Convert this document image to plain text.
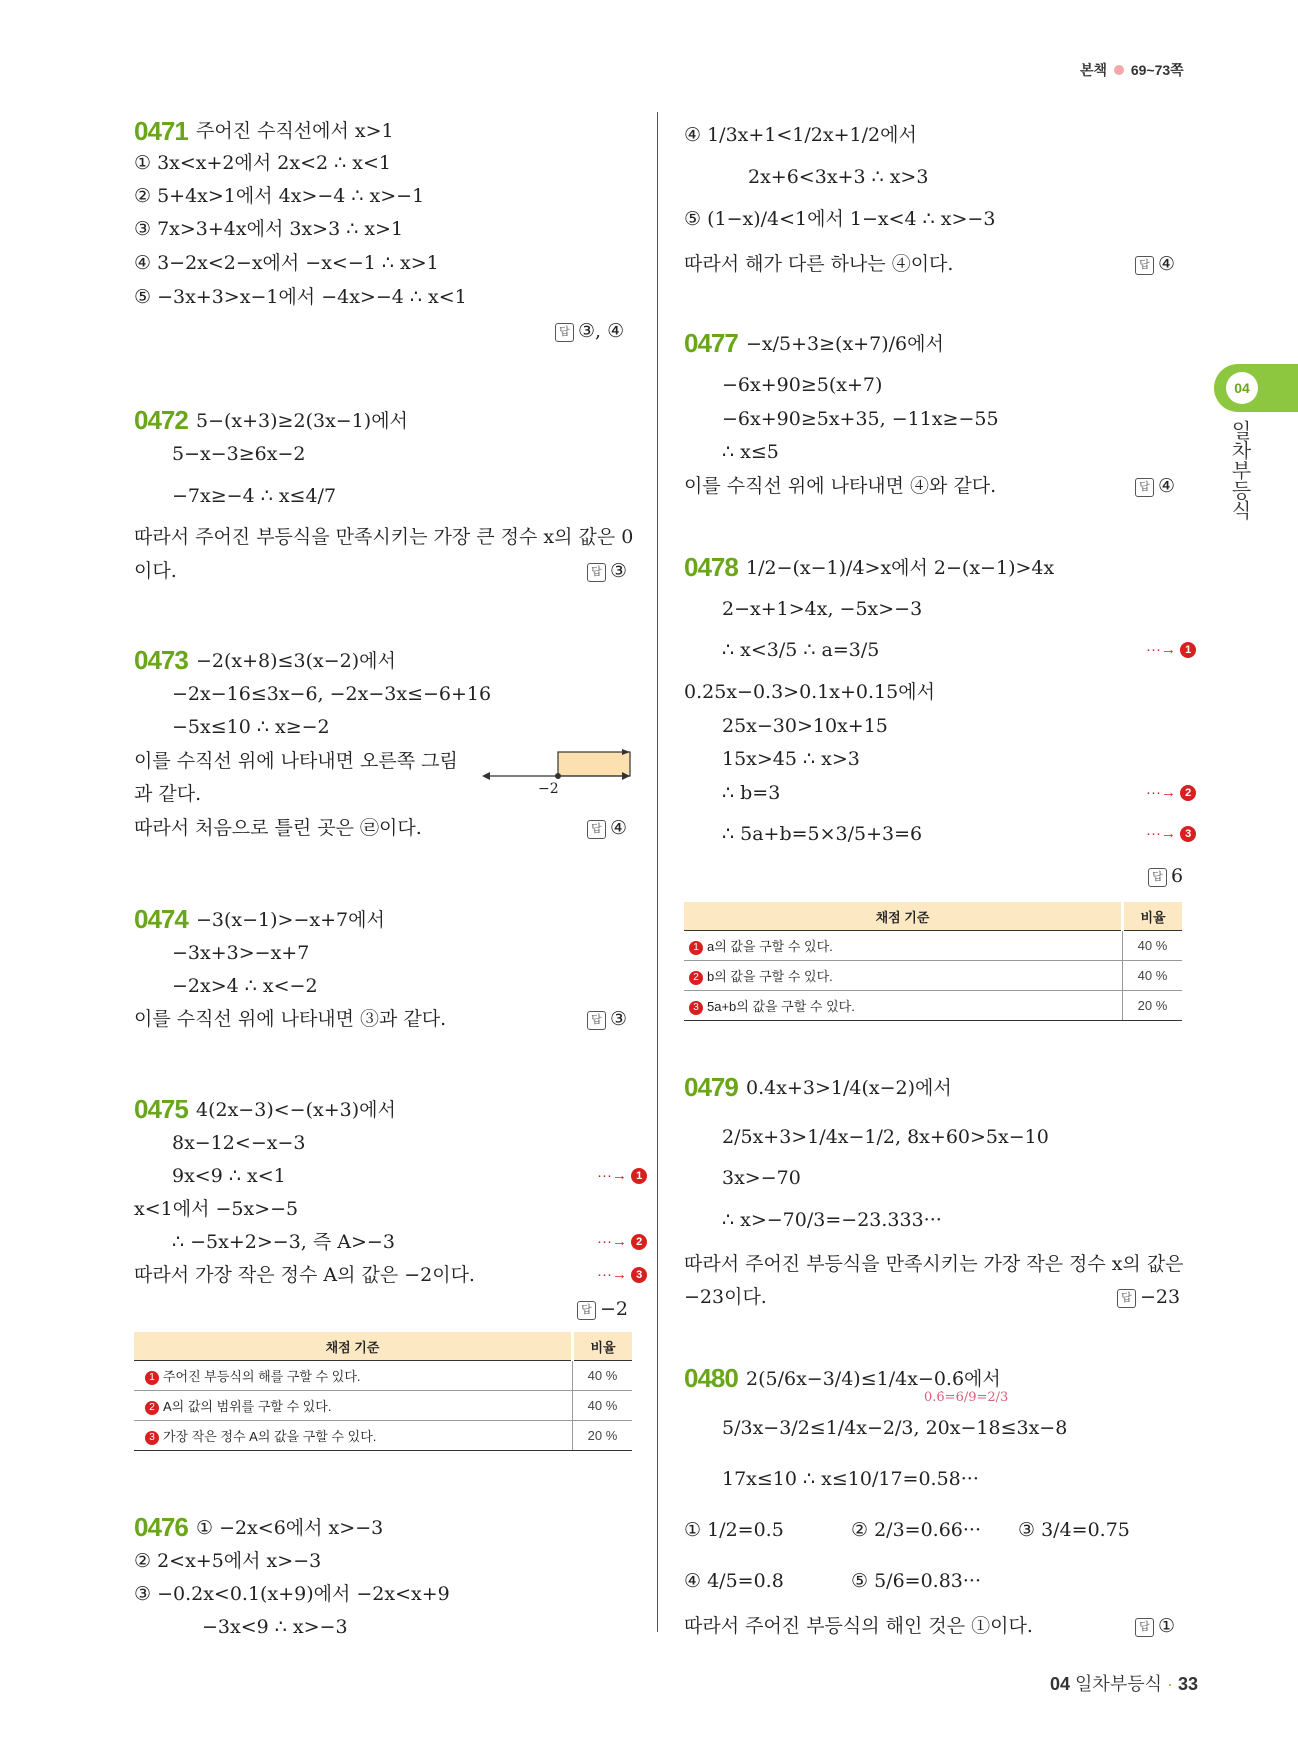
본책 69~73쪽
04
일차부등식
0471 주어진 수직선에서 x>1
① 3x<x+2에서 2x<2 ∴ x<1
② 5+4x>1에서 4x>−4 ∴ x>−1
③ 7x>3+4x에서 3x>3 ∴ x>1
④ 3−2x<2−x에서 −x<−1 ∴ x>1
⑤ −3x+3>x−1에서 −4x>−4 ∴ x<1
답 ③, ④
0472 5−(x+3)≥2(3x−1)에서
5−x−3≥6x−2
−7x≥−4 ∴ x≤4/7
따라서 주어진 부등식을 만족시키는 가장 큰 정수 x의 값은 0
이다.	답 ③
0473 −2(x+8)≤3(x−2)에서
−2x−16≤3x−6, −2x−3x≤−6+16
−5x≤10 ∴ x≥−2
이를 수직선 위에 나타내면 오른쪽 그림
과 같다.
따라서 처음으로 틀린 곳은 ㉣이다.
−2
답 ④
0474 −3(x−1)>−x+7에서
−3x+3>−x+7
−2x>4 ∴ x<−2
이를 수직선 위에 나타내면 ③과 같다.	답 ③
0475 4(2x−3)<−(x+3)에서
8x−12<−x−3
9x<9 ∴ x<1
x<1에서 −5x>−5
∴ −5x+2>−3, 즉 A>−3
따라서 가장 작은 정수 A의 값은 −2이다.
···→ 1
···→ 2
···→ 3
답 −2
채점 기준	비율
1 주어진 부등식의 해를 구할 수 있다.	40 %
2 A의 값의 범위를 구할 수 있다.	40 %
3 가장 작은 정수 A의 값을 구할 수 있다.	20 %
0476 ① −2x<6에서 x>−3
② 2<x+5에서 x>−3
③ −0.2x<0.1(x+9)에서 −2x<x+9
−3x<9 ∴ x>−3
④ 1/3x+1<1/2x+1/2에서
2x+6<3x+3 ∴ x>3
⑤ (1−x)/4<1에서 1−x<4 ∴ x>−3
따라서 해가 다른 하나는 ④이다.	답 ④
0477 −x/5+3≥(x+7)/6에서
−6x+90≥5(x+7)
−6x+90≥5x+35, −11x≥−55
∴ x≤5
이를 수직선 위에 나타내면 ④와 같다.	답 ④
0478 1/2−(x−1)/4>x에서 2−(x−1)>4x
2−x+1>4x, −5x>−3
∴ x<3/5 ∴ a=3/5
0.25x−0.3>0.1x+0.15에서
25x−30>10x+15
15x>45 ∴ x>3
∴ b=3
∴ 5a+b=5×3/5+3=6
···→ 1
···→ 2
···→ 3
답 6
채점 기준	비율
1 a의 값을 구할 수 있다.	40 %
2 b의 값을 구할 수 있다.	40 %
3 5a+b의 값을 구할 수 있다.	20 %
0479 0.4x+3>1/4(x−2)에서
2/5x+3>1/4x−1/2, 8x+60>5x−10
3x>−70
∴ x>−70/3=−23.333···
따라서 주어진 부등식을 만족시키는 가장 작은 정수 x의 값은
−23이다.	답 −23
0480 2(5/6x−3/4)≤1/4x−0.6̇에서
0.6̇=6/9=2/3
5/3x−3/2≤1/4x−2/3, 20x−18≤3x−8
17x≤10 ∴ x≤10/17=0.58···
① 1/2=0.5	② 2/3=0.66··· ③ 3/4=0.75
④ 4/5=0.8	⑤ 5/6=0.83···
따라서 주어진 부등식의 해인 것은 ①이다.	답 ①
04 일차부등식 · 33
